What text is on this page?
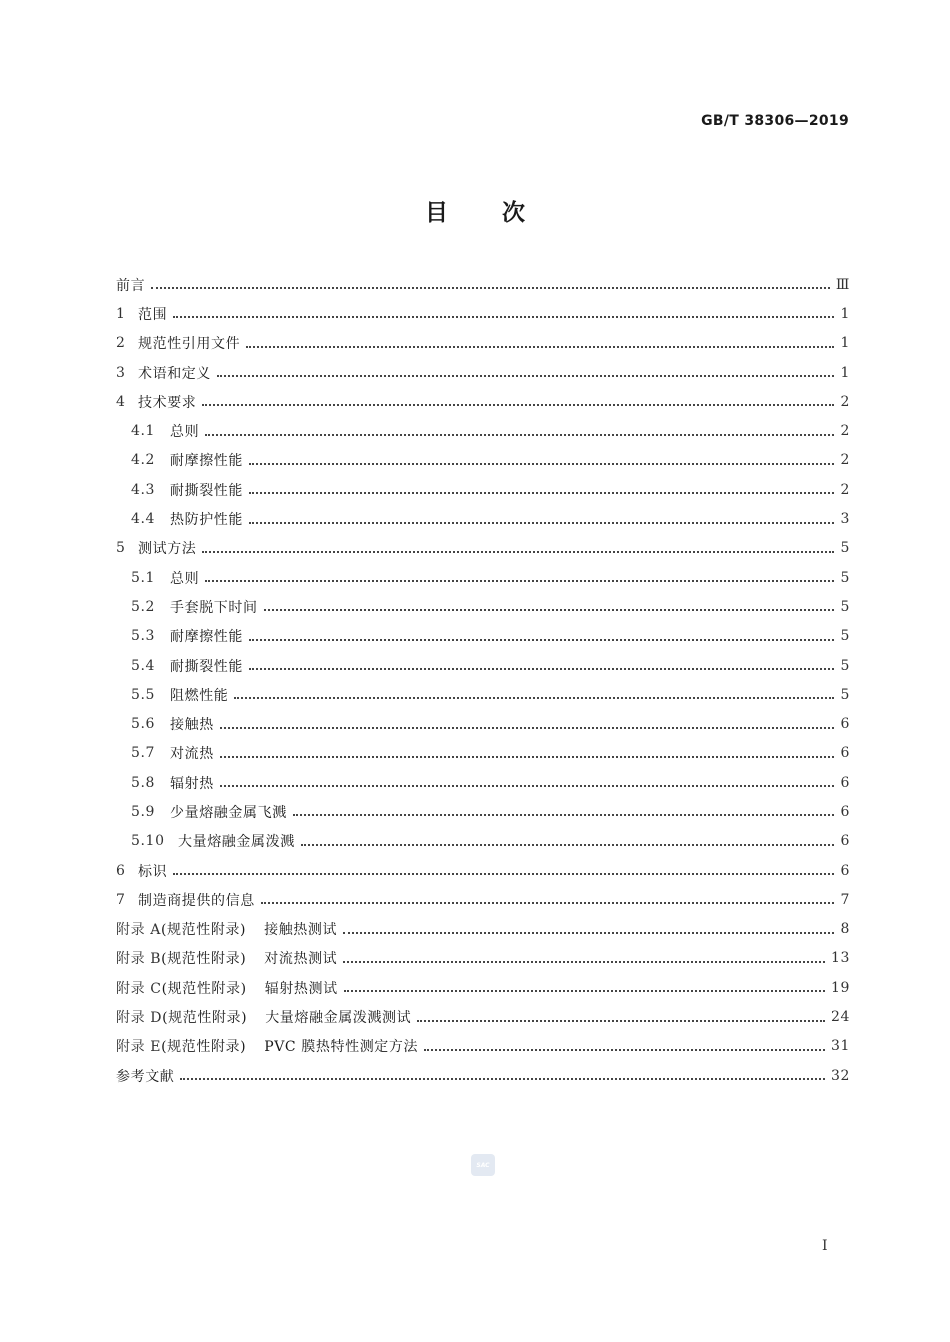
GB/T 38306—2019
目 次
前言	Ⅲ
1 范围	1
2 规范性引用文件	1
3 术语和定义	1
4 技术要求	2
4.1	总则	2
4.2	耐摩擦性能	2
4.3	耐撕裂性能	2
4.4	热防护性能	3
5 测试方法	5
5.1	总则	5
5.2	手套脱下时间	5
5.3	耐摩擦性能	5
5.4	耐撕裂性能	5
5.5	阻燃性能	5
5.6	接触热	6
5.7	对流热	6
5.8	辐射热	6
5.9	少量熔融金属飞溅	6
5.10 大量熔融金属泼溅	6
6 标识	6
7 制造商提供的信息	7
附录 A (规范性附录) 接触热测试	8
附录 B (规范性附录) 对流热测试	13
附录 C (规范性附录) 辐射热测试	19
附录 D (规范性附录) 大量熔融金属泼溅测试	24
附录 E (规范性附录) PVC 膜热特性测定方法	31
参考文献	32
SAC
I
